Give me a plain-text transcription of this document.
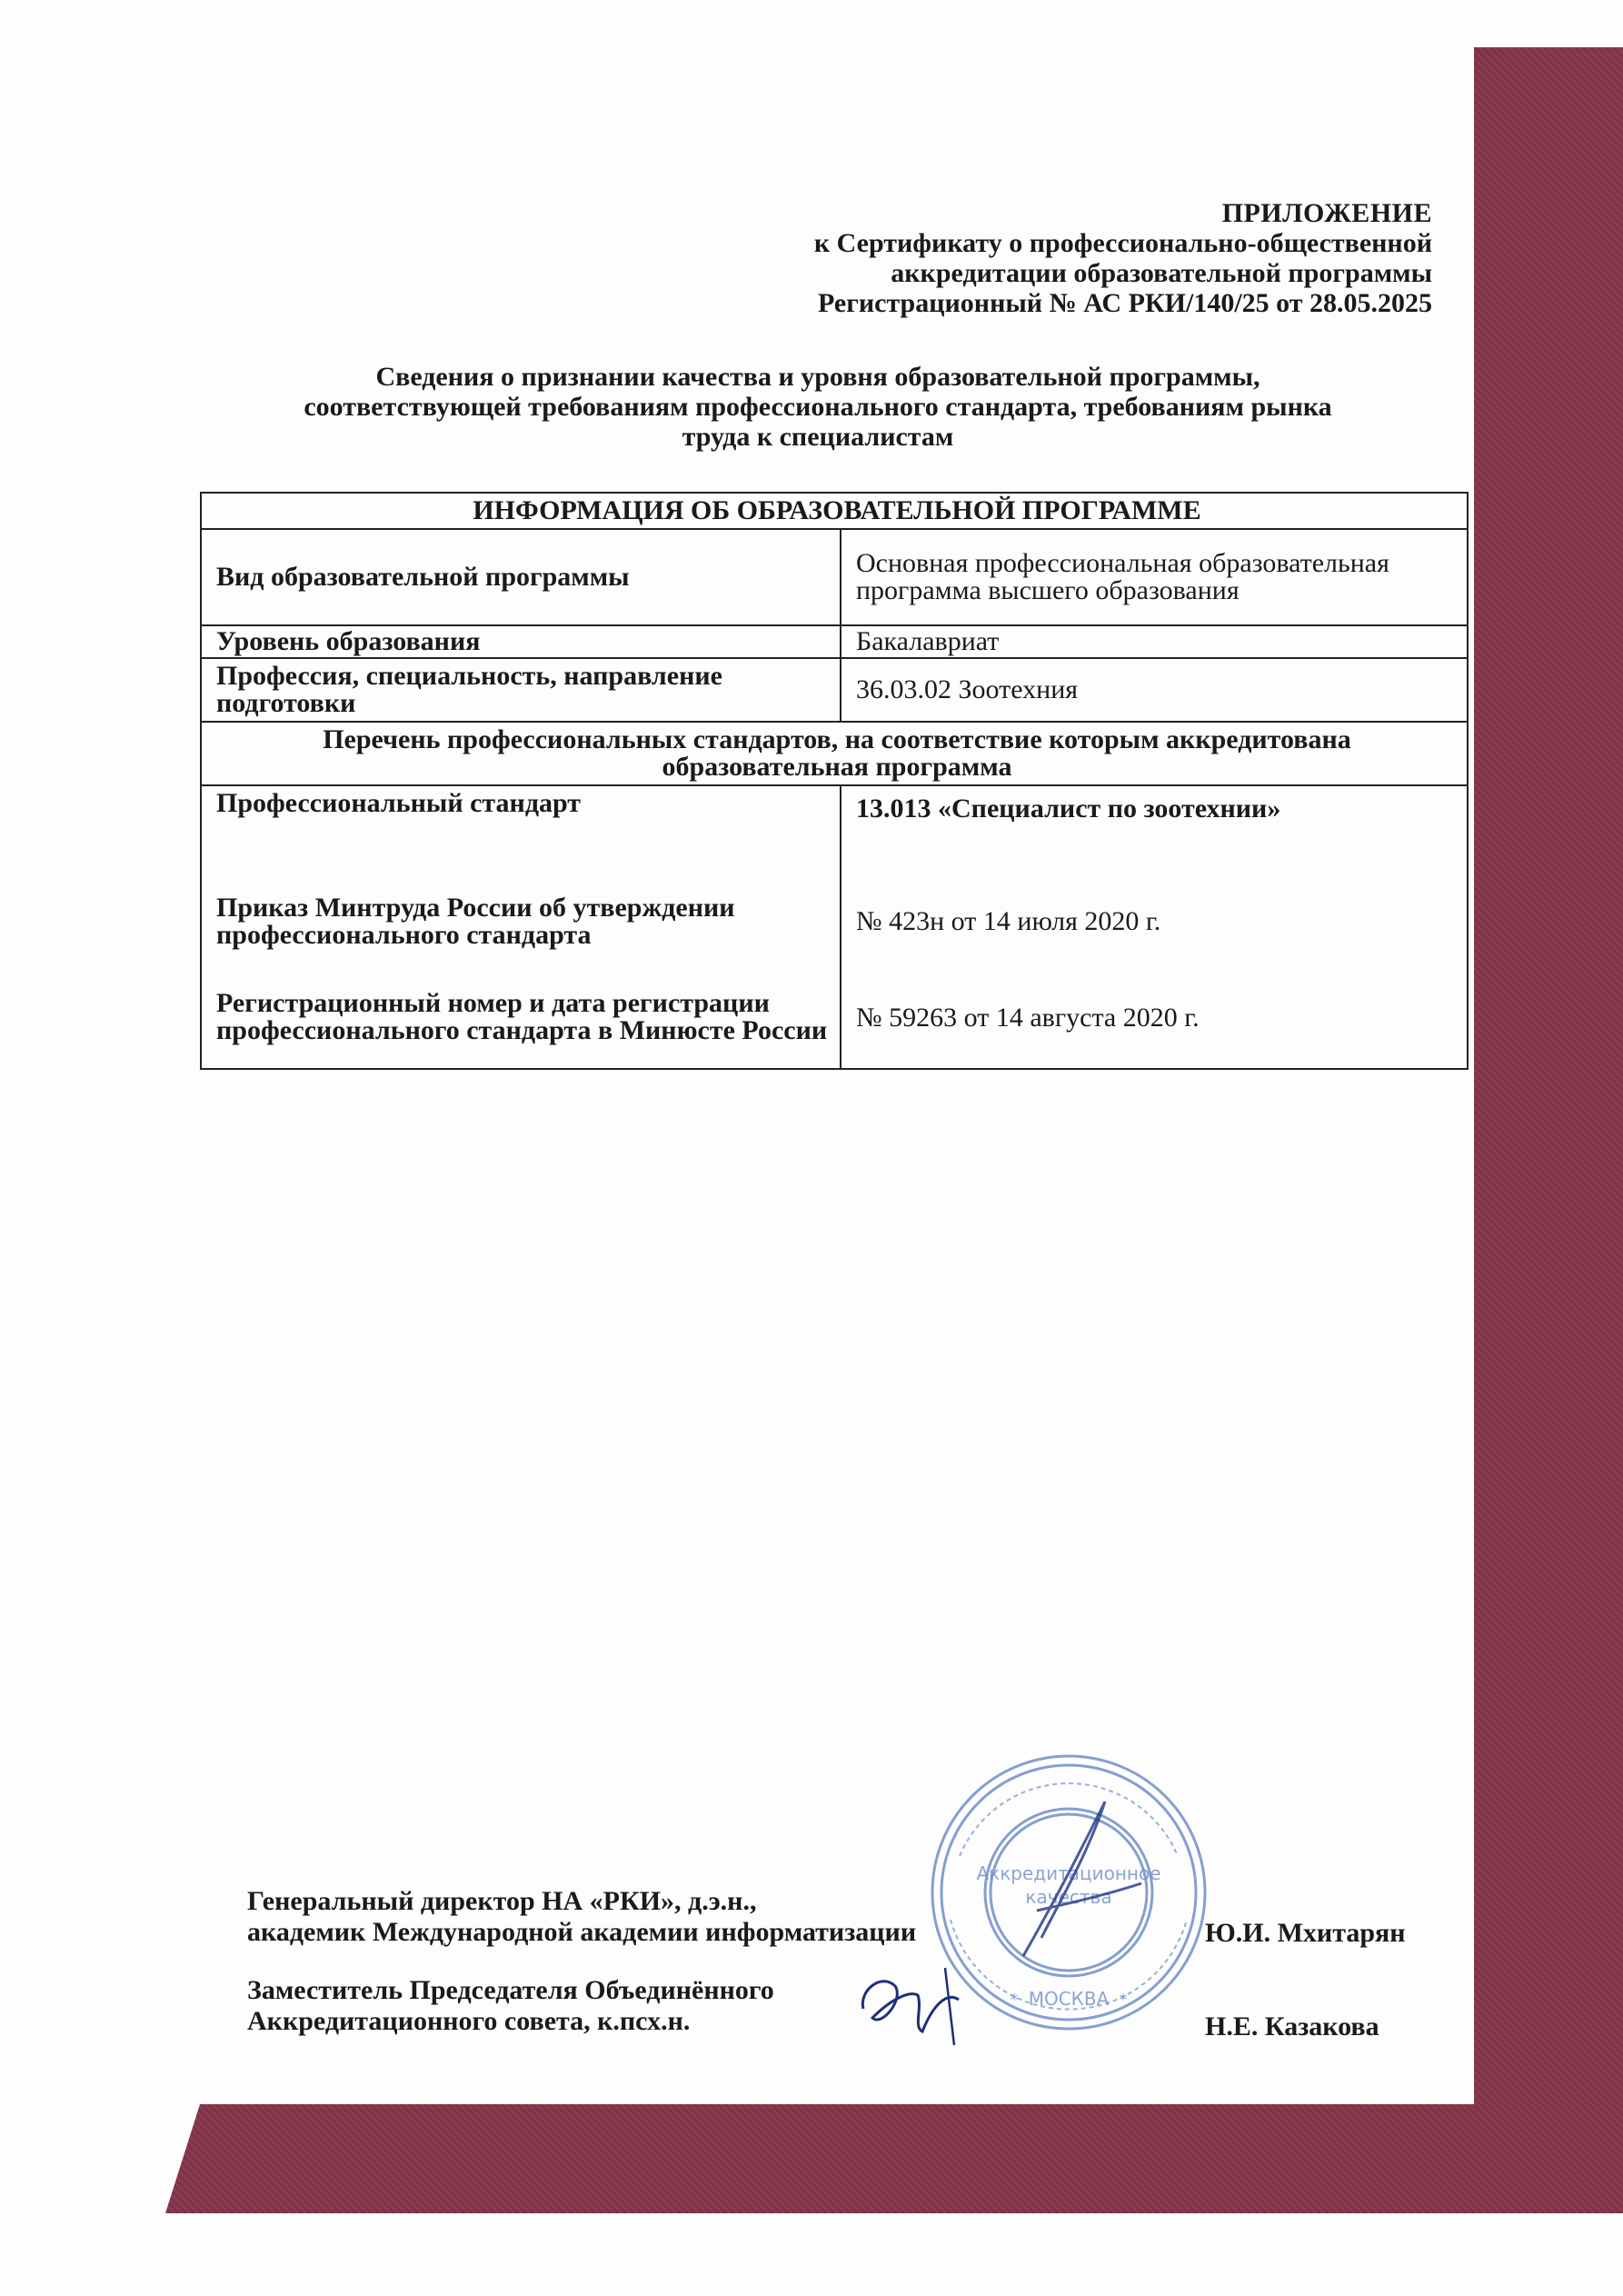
ПРИЛОЖЕНИЕ
к Сертификату о профессионально-общественной
аккредитации образовательной программы
Регистрационный № АС РКИ/140/25 от 28.05.2025
Сведения о признании качества и уровня образовательной программы,
соответствующей требованиям профессионального стандарта, требованиям рынка
труда к специалистам
ИНФОРМАЦИЯ ОБ ОБРАЗОВАТЕЛЬНОЙ ПРОГРАММЕ	
Вид образовательной программы	Основная профессиональная образовательная программа высшего образования
Уровень образования	Бакалавриат
Профессия, специальность, направление подготовки	36.03.02 Зоотехния
Перечень профессиональных стандартов, на соответствие которым аккредитована образовательная программа	
Профессиональный стандарт	13.013 «Специалист по зоотехнии»
Приказ Минтруда России об утверждении профессионального стандарта	№ 423н от 14 июля 2020 г.
Регистрационный номер и дата регистрации профессионального стандарта в Минюсте России	№ 59263 от 14 августа 2020 г.
Аккредитационное
качества
МОСКВА
*	*
Генеральный директор НА «РКИ», д.э.н.,
академик Международной академии информатизации	Ю.И. Мхитарян
Заместитель Председателя Объединённого
Аккредитационного совета, к.псх.н.	Н.Е. Казакова
